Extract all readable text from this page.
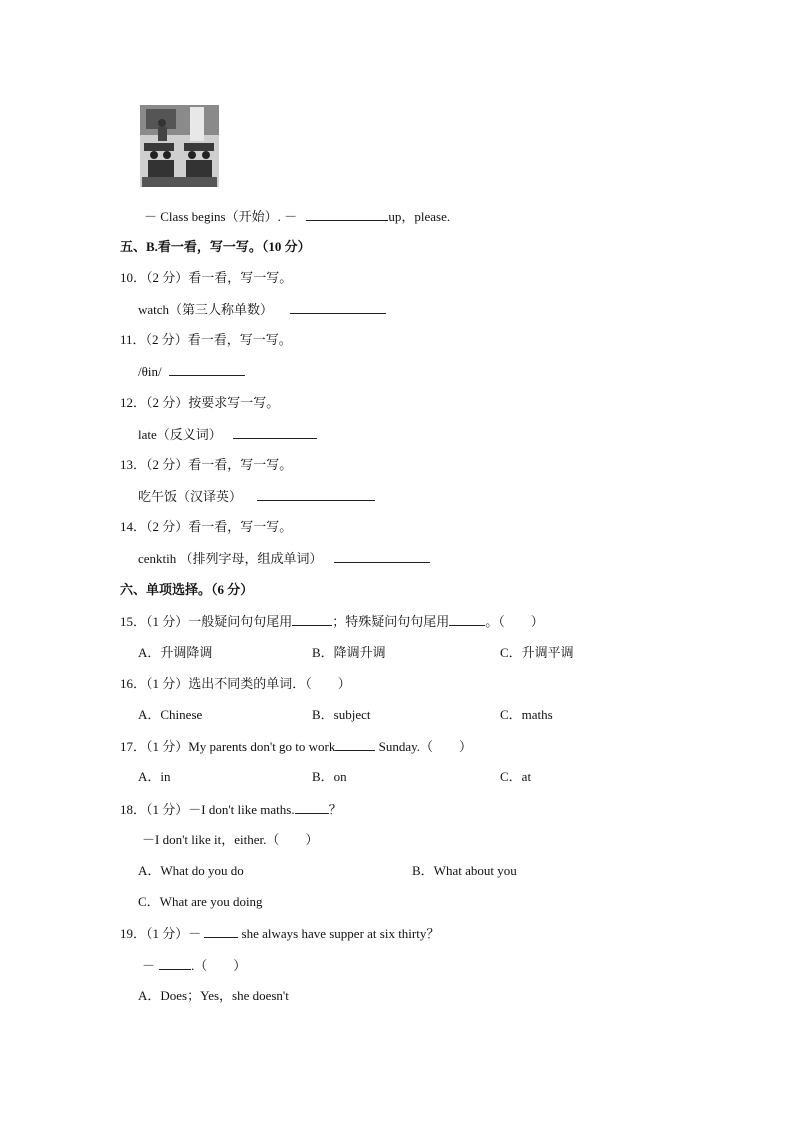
－ Class begins（开始）. －	up，please.
五、B.看一看，写一写。（10 分）
10．（2 分）看一看，写一写。
watch（第三人称单数）
11．（2 分）看一看，写一写。
/θin/
12．（2 分）按要求写一写。
late（反义词）
13．（2 分）看一看，写一写。
吃午饭（汉译英）
14．（2 分）看一看，写一写。
cenktih （排列字母，组成单词）
六、单项选择。（6 分）
15．（1 分）一般疑问句句尾用	；特殊疑问句句尾用	。（　　）
A．升调降调	B．降调升调	C．升调平调
16．（1 分）选出不同类的单词．（　　）
A．Chinese	B．subject	C．maths
17．（1 分）My parents don't go to work	Sunday.（　　）
A．in	B．on	C．at
18．（1 分）－I don't like maths.	？
－I don't like it，either.（　　）
A．What do you do	B．What about you
C．What are you doing
19．（1 分）－	she always have supper at six thirty？
－	.（　　）
A．Does；Yes，she doesn't
